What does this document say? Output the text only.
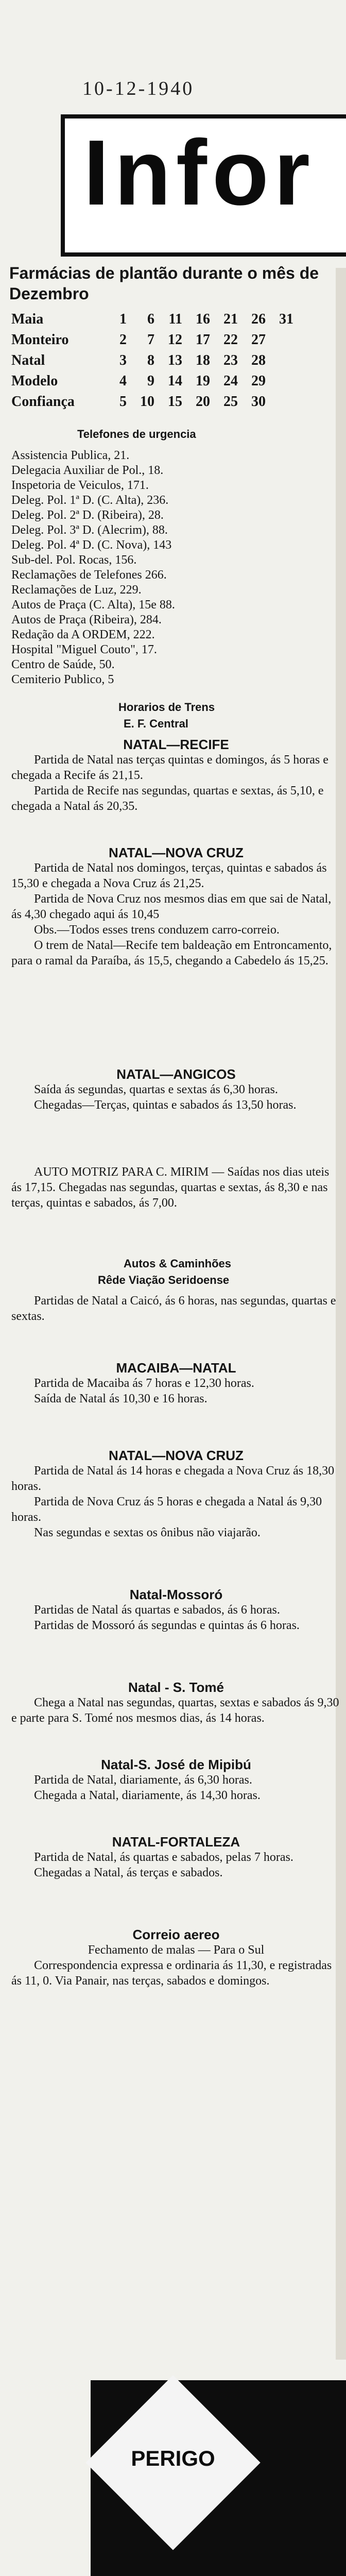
10-12-1940
Infor
Farmácias de plantão durante o mês de Dezembro
Maia	1	6 11 16 21 26 31
Monteiro	2	7 12 17 22 27
Natal	3	8 13 18 23 28
Modelo	4	9 14 19 24 29
Confiança	5 10 15 20 25 30
Telefones de urgencia
Assistencia Publica, 21.
Delegacia Auxiliar de Pol., 18.
Inspetoria de Veiculos, 171.
Deleg. Pol. 1ª D. (C. Alta), 236.
Deleg. Pol. 2ª D. (Ribeira), 28.
Deleg. Pol. 3ª D. (Alecrim), 88.
Deleg. Pol. 4ª D. (C. Nova), 143
Sub-del. Pol. Rocas, 156.
Reclamações de Telefones 266.
Reclamações de Luz, 229.
Autos de Praça (C. Alta), 15e 88.
Autos de Praça (Ribeira), 284.
Redação da A ORDEM, 222.
Hospital "Miguel Couto", 17.
Centro de Saúde, 50.
Cemiterio Publico, 5
Horarios de Trens
E. F. Central
NATAL—RECIFE

Partida de Natal nas terças quintas e domingos, ás 5 horas e chegada a Recife ás 21,15.

Partida de Recife nas segundas, quartas e sextas, ás 5,10, e chegada a Natal ás 20,35.

NATAL—NOVA CRUZ

Partida de Natal nos domingos, terças, quintas e sabados ás 15,30 e chegada a Nova Cruz ás 21,25.

Partida de Nova Cruz nos mesmos dias em que sai de Natal, ás 4,30 chegado aqui ás 10,45

Obs.—Todos esses trens conduzem carro-correio.

O trem de Natal—Recife tem baldeação em Entroncamento, para o ramal da Paraíba, ás 15,5, chegando a Cabedelo ás 15,25.

NATAL—ANGICOS

Saída ás segundas, quartas e sextas ás 6,30 horas.

Chegadas—Terças, quintas e sabados ás 13,50 horas.

AUTO MOTRIZ PARA C. MIRIM — Saídas nos dias uteis ás 17,15. Chegadas nas segundas, quartas e sextas, ás 8,30 e nas terças, quintas e sabados, ás 7,00.

Autos & Caminhões
Rêde Viação Seridoense

Partidas de Natal a Caicó, ás 6 horas, nas segundas, quartas e sextas.

MACAIBA—NATAL

Partida de Macaiba ás 7 horas e 12,30 horas.

Saída de Natal ás 10,30 e 16 horas.

NATAL—NOVA CRUZ

Partida de Natal ás 14 horas e chegada a Nova Cruz ás 18,30 horas.

Partida de Nova Cruz ás 5 horas e chegada a Natal ás 9,30 horas.

Nas segundas e sextas os ônibus não viajarão.

Natal-Mossoró

Partidas de Natal ás quartas e sabados, ás 6 horas.

Partidas de Mossoró ás segundas e quintas ás 6 horas.

Natal - S. Tomé

Chega a Natal nas segundas, quartas, sextas e sabados ás 9,30 e parte para S. Tomé nos mesmos dias, ás 14 horas.

Natal-S. José de Mipibú

Partida de Natal, diariamente, ás 6,30 horas.

Chegada a Natal, diariamente, ás 14,30 horas.

NATAL-FORTALEZA

Partida de Natal, ás quartas e sabados, pelas 7 horas.

Chegadas a Natal, ás terças e sabados.

Correio aereo
Fechamento de malas — Para o Sul

Correspondencia expressa e ordinaria ás 11,30, e registradas ás 11, 0. Via Panair, nas terças, sabados e domingos.

PERIGO
